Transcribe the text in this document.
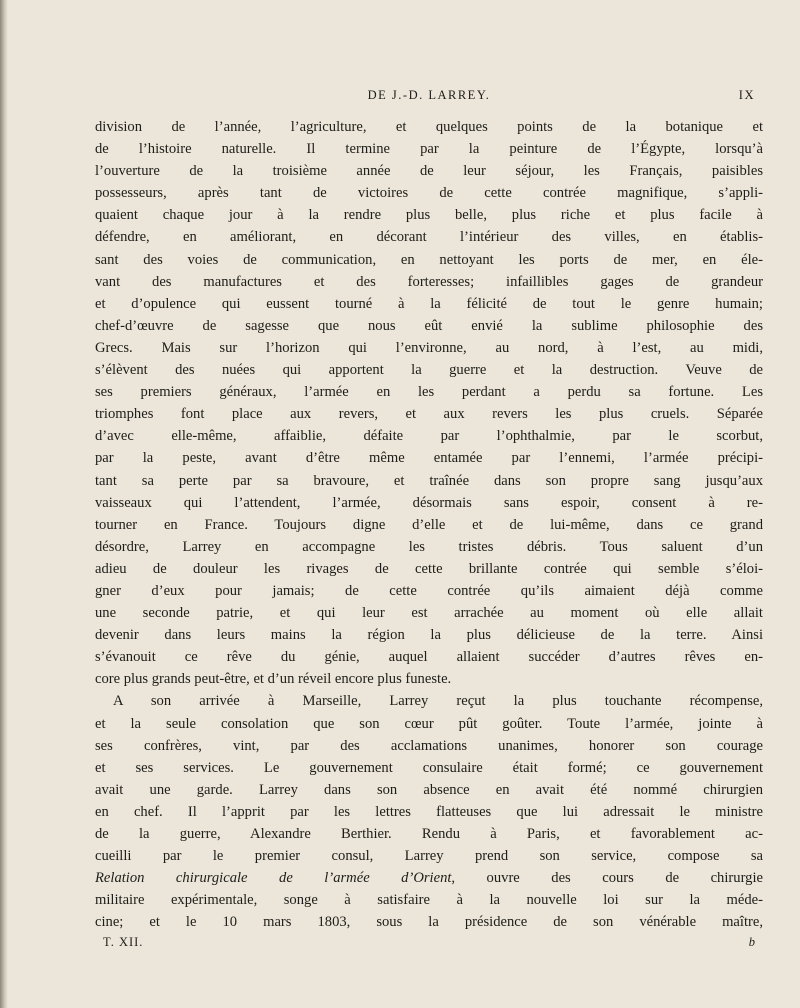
DE J.-D. LARREY.	IX
division de l’année, l’agriculture, et quelques points de la botanique et
de l’histoire naturelle. Il termine par la peinture de l’Égypte, lorsqu’à
l’ouverture de la troisième année de leur séjour, les Français, paisibles
possesseurs, après tant de victoires de cette contrée magnifique, s’appli-
quaient chaque jour à la rendre plus belle, plus riche et plus facile à
défendre, en améliorant, en décorant l’intérieur des villes, en établis-
sant des voies de communication, en nettoyant les ports de mer, en éle-
vant des manufactures et des forteresses; infaillibles gages de grandeur
et d’opulence qui eussent tourné à la félicité de tout le genre humain;
chef-d’œuvre de sagesse que nous eût envié la sublime philosophie des
Grecs. Mais sur l’horizon qui l’environne, au nord, à l’est, au midi,
s’élèvent des nuées qui apportent la guerre et la destruction. Veuve de
ses premiers généraux, l’armée en les perdant a perdu sa fortune. Les
triomphes font place aux revers, et aux revers les plus cruels. Séparée
d’avec elle-même, affaiblie, défaite par l’ophthalmie, par le scorbut,
par la peste, avant d’être même entamée par l’ennemi, l’armée précipi-
tant sa perte par sa bravoure, et traînée dans son propre sang jusqu’aux
vaisseaux qui l’attendent, l’armée, désormais sans espoir, consent à re-
tourner en France. Toujours digne d’elle et de lui-même, dans ce grand
désordre, Larrey en accompagne les tristes débris. Tous saluent d’un
adieu de douleur les rivages de cette brillante contrée qui semble s’éloi-
gner d’eux pour jamais; de cette contrée qu’ils aimaient déjà comme
une seconde patrie, et qui leur est arrachée au moment où elle allait
devenir dans leurs mains la région la plus délicieuse de la terre. Ainsi
s’évanouit ce rêve du génie, auquel allaient succéder d’autres rêves en-
core plus grands peut-être, et d’un réveil encore plus funeste.
A son arrivée à Marseille, Larrey reçut la plus touchante récompense,
et la seule consolation que son cœur pût goûter. Toute l’armée, jointe à
ses confrères, vint, par des acclamations unanimes, honorer son courage
et ses services. Le gouvernement consulaire était formé; ce gouvernement
avait une garde. Larrey dans son absence en avait été nommé chirurgien
en chef. Il l’apprit par les lettres flatteuses que lui adressait le ministre
de la guerre, Alexandre Berthier. Rendu à Paris, et favorablement ac-
cueilli par le premier consul, Larrey prend son service, compose sa
Relation chirurgicale de l’armée d’Orient, ouvre des cours de chirurgie
militaire expérimentale, songe à satisfaire à la nouvelle loi sur la méde-
cine; et le 10 mars 1803, sous la présidence de son vénérable maître,
T. XII.	b
